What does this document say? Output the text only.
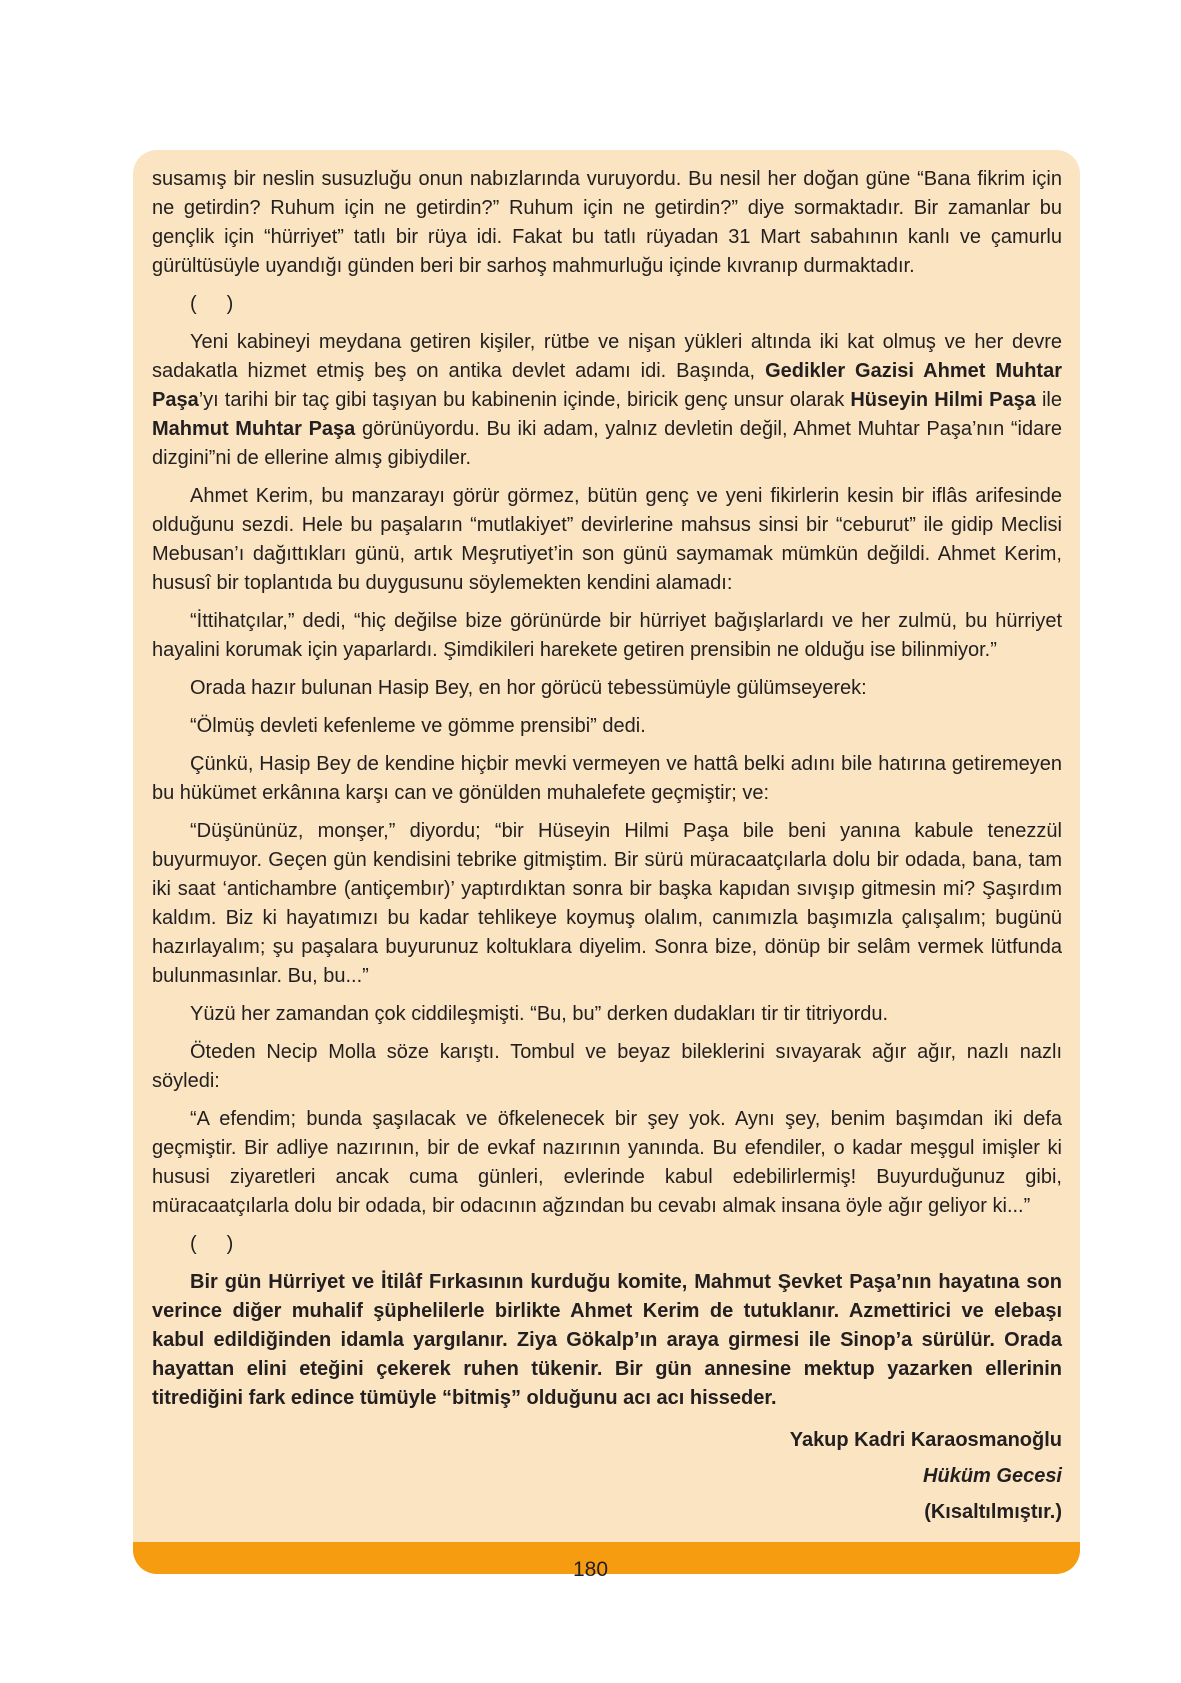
susamış bir neslin susuzluğu onun nabızlarında vuruyordu. Bu nesil her doğan güne “Bana fikrim için ne getirdin? Ruhum için ne getirdin?” Ruhum için ne getirdin?” diye sormaktadır. Bir zamanlar bu gençlik için “hürriyet” tatlı bir rüya idi. Fakat bu tatlı rüyadan 31 Mart sabahının kanlı ve çamurlu gürültüsüyle uyandığı günden beri bir sarhoş mahmurluğu içinde kıvranıp durmaktadır.

(  )

Yeni kabineyi meydana getiren kişiler, rütbe ve nişan yükleri altında iki kat olmuş ve her devre sadakatla hizmet etmiş beş on antika devlet adamı idi. Başında, Gedikler Gazisi Ahmet Muhtar Paşa’yı tarihi bir taç gibi taşıyan bu kabinenin içinde, biricik genç unsur olarak Hüseyin Hilmi Paşa ile Mahmut Muhtar Paşa görünüyordu. Bu iki adam, yalnız devletin değil, Ahmet Muhtar Paşa’nın “idare dizgini”ni de ellerine almış gibiydiler.

Ahmet Kerim, bu manzarayı görür görmez, bütün genç ve yeni fikirlerin kesin bir iflâs arifesinde olduğunu sezdi. Hele bu paşaların “mutlakiyet” devirlerine mahsus sinsi bir “ceburut” ile gidip Meclisi Mebusan’ı dağıttıkları günü, artık Meşrutiyet’in son günü saymamak mümkün değildi. Ahmet Kerim, hususî bir toplantıda bu duygusunu söylemekten kendini alamadı:

“İttihatçılar,” dedi, “hiç değilse bize görünürde bir hürriyet bağışlarlardı ve her zulmü, bu hürriyet hayalini korumak için yaparlardı. Şimdikileri harekete getiren prensibin ne olduğu ise bilinmiyor.”

Orada hazır bulunan Hasip Bey, en hor görücü tebessümüyle gülümseyerek:

“Ölmüş devleti kefenleme ve gömme prensibi” dedi.

Çünkü, Hasip Bey de kendine hiçbir mevki vermeyen ve hattâ belki adını bile hatırına getiremeyen bu hükümet erkânına karşı can ve gönülden muhalefete geçmiştir; ve:

“Düşününüz, monşer,” diyordu; “bir Hüseyin Hilmi Paşa bile beni yanına kabule tenezzül buyurmuyor. Geçen gün kendisini tebrike gitmiştim. Bir sürü müracaatçılarla dolu bir odada, bana, tam iki saat ‘antichambre (antiçembır)’ yaptırdıktan sonra bir başka kapıdan sıvışıp gitmesin mi? Şaşırdım kaldım. Biz ki hayatımızı bu kadar tehlikeye koymuş olalım, canımızla başımızla çalışalım; bugünü hazırlayalım; şu paşalara buyurunuz koltuklara diyelim. Sonra bize, dönüp bir selâm vermek lütfunda bulunmasınlar. Bu, bu...”

Yüzü her zamandan çok ciddileşmişti. “Bu, bu” derken dudakları tir tir titriyordu.

Öteden Necip Molla söze karıştı. Tombul ve beyaz bileklerini sıvayarak ağır ağır, nazlı nazlı söyledi:

“A efendim; bunda şaşılacak ve öfkelenecek bir şey yok. Aynı şey, benim başımdan iki defa geçmiştir. Bir adliye nazırının, bir de evkaf nazırının yanında. Bu efendiler, o kadar meşgul imişler ki hususi ziyaretleri ancak cuma günleri, evlerinde kabul edebilirlermiş! Buyurduğunuz gibi, müracaatçılarla dolu bir odada, bir odacının ağzından bu cevabı almak insana öyle ağır geliyor ki...”

(  )

Bir gün Hürriyet ve İtilâf Fırkasının kurduğu komite, Mahmut Şevket Paşa’nın hayatına son verince diğer muhalif şüphelilerle birlikte Ahmet Kerim de tutuklanır. Azmettirici ve elebaşı kabul edildiğinden idamla yargılanır. Ziya Gökalp’ın araya girmesi ile Sinop’a sürülür. Orada hayattan elini eteğini çekerek ruhen tükenir. Bir gün annesine mektup yazarken ellerinin titrediğini fark edince tümüyle “bitmiş” olduğunu acı acı hisseder.

Yakup Kadri Karaosmanoğlu

Hüküm Gecesi

(Kısaltılmıştır.)

180
